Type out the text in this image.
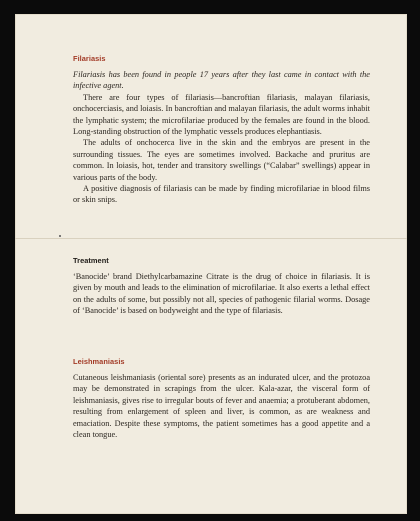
Filariasis

Filariasis has been found in people 17 years after they last came in contact with the infective agent.

There are four types of filariasis—bancroftian filariasis, malayan filariasis, onchocerciasis, and loiasis. In bancroftian and malayan filariasis, the adult worms inhabit the lymphatic system; the microfilariae produced by the females are found in the blood. Long-standing obstruction of the lymphatic vessels produces elephantiasis.

The adults of onchocerca live in the skin and the embryos are present in the surrounding tissues. The eyes are sometimes involved. Backache and pruritus are common. In loiasis, hot, tender and transitory swellings (“Calabar” swellings) appear in various parts of the body.

A positive diagnosis of filariasis can be made by finding microfilariae in blood films or skin snips.

Treatment

‘Banocide’ brand Diethylcarbamazine Citrate is the drug of choice in filariasis. It is given by mouth and leads to the elimination of microfilariae. It also exerts a lethal effect on the adults of some, but possibly not all, species of pathogenic filarial worms. Dosage of ‘Banocide’ is based on bodyweight and the type of filariasis.

Leishmaniasis

Cutaneous leishmaniasis (oriental sore) presents as an indurated ulcer, and the protozoa may be demonstrated in scrapings from the ulcer. Kala-azar, the visceral form of leishmaniasis, gives rise to irregular bouts of fever and anaemia; a protuberant abdomen, resulting from enlargement of spleen and liver, is common, as are weakness and emaciation. Despite these symptoms, the patient sometimes has a good appetite and a clean tongue.
